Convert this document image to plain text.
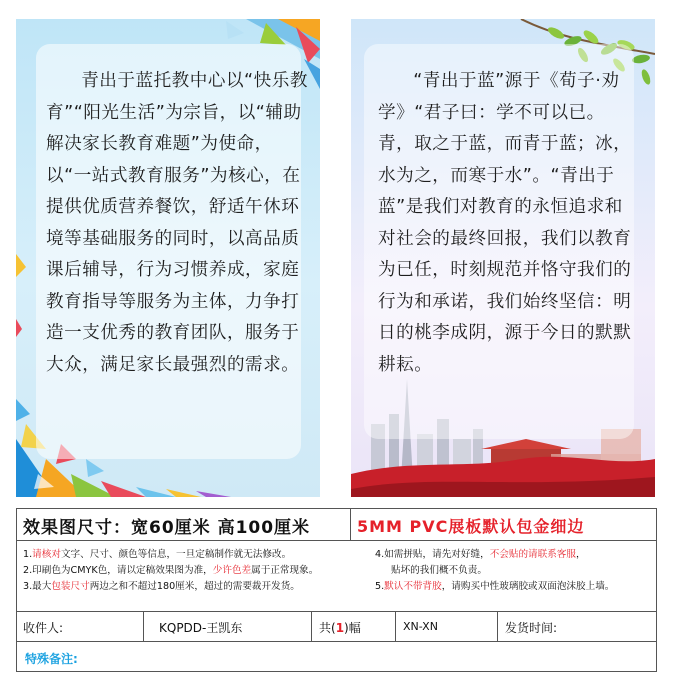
青出于蓝托教中心以“快乐教育”“阳光生活”为宗旨，以“辅助解决家长教育难题”为使命，以“一站式教育服务”为核心，在提供优质营养餐饮，舒适午休环境等基础服务的同时，以高品质课后辅导，行为习惯养成，家庭教育指导等服务为主体，力争打造一支优秀的教育团队，服务于大众，满足家长最强烈的需求。
“青出于蓝”源于《荀子·劝学》“君子曰：学不可以已。青，取之于蓝，而青于蓝；冰，水为之，而寒于水”。“青出于蓝”是我们对教育的永恒追求和对社会的最终回报，我们以教育为已任，时刻规范并恪守我们的行为和承诺，我们始终坚信：明日的桃李成阴，源于今日的默默耕耘。
效果图尺寸：宽60厘米 高100厘米	5MM PVC展板默认包金细边
1.请核对文字、尺寸、颜色等信息，一旦定稿制作就无法修改。
2.印刷色为CMYK色，请以定稿效果图为准，少许色差属于正常现象。
3.最大包装尺寸两边之和不超过180厘米，超过的需要裁开发货。
4.如需拼贴，请先对好缝，不会贴的请联系客服，
贴坏的我们概不负责。
5.默认不带背胶，请购买中性玻璃胶或双面泡沫胶上墙。
收件人:	KQPDD-王凯东	共(1)幅	XN-XN	发货时间:
特殊备注:
